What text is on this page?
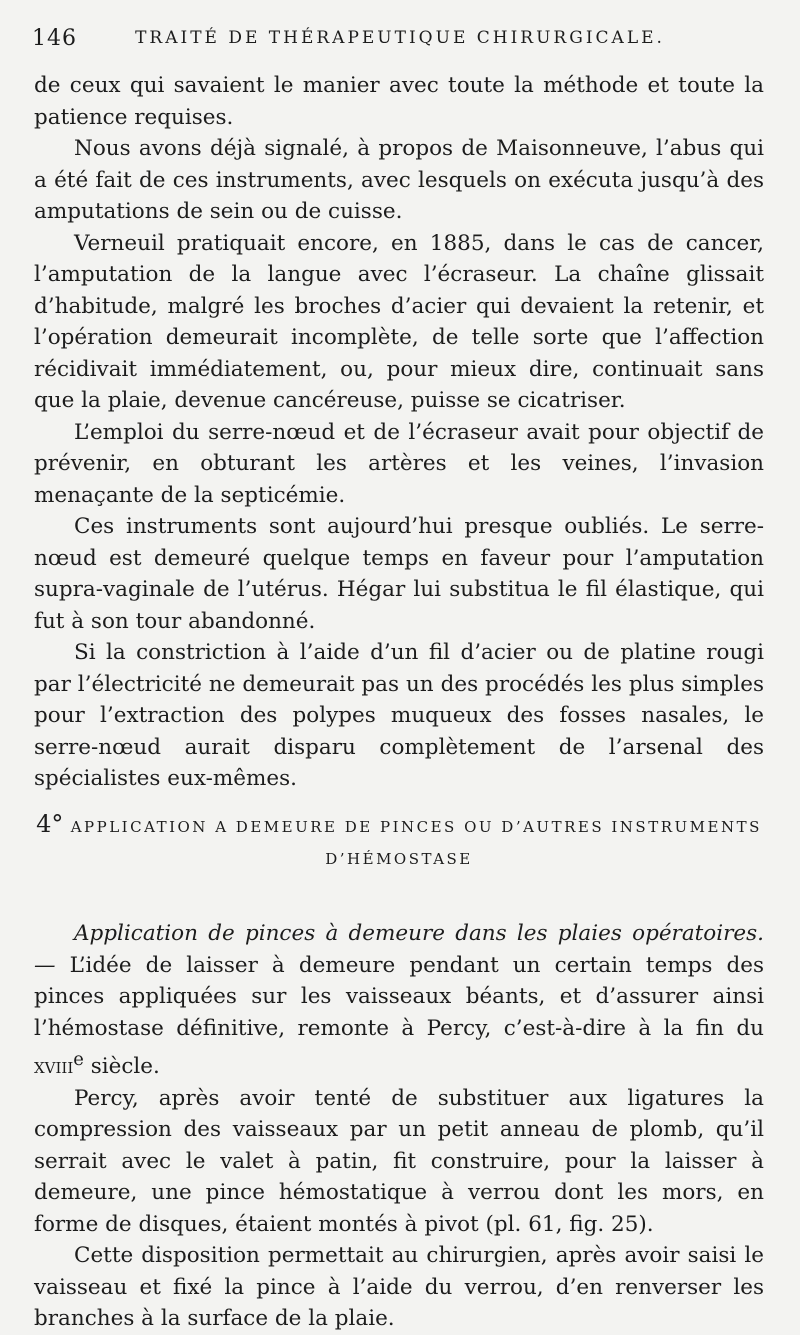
146	TRAITÉ DE THÉRAPEUTIQUE CHIRURGICALE.

de ceux qui savaient le manier avec toute la méthode et toute la patience requises.

Nous avons déjà signalé, à propos de Maisonneuve, l’abus qui a été fait de ces instruments, avec lesquels on exécuta jusqu’à des amputations de sein ou de cuisse.

Verneuil pratiquait encore, en 1885, dans le cas de cancer, l’amputation de la langue avec l’écraseur. La chaîne glissait d’habitude, malgré les broches d’acier qui devaient la retenir, et l’opération demeurait incomplète, de telle sorte que l’affection récidivait immédiatement, ou, pour mieux dire, continuait sans que la plaie, devenue cancéreuse, puisse se cicatriser.

L’emploi du serre-nœud et de l’écraseur avait pour objectif de prévenir, en obturant les artères et les veines, l’invasion menaçante de la septicémie.

Ces instruments sont aujourd’hui presque oubliés. Le serre-nœud est demeuré quelque temps en faveur pour l’amputation supra-vaginale de l’utérus. Hégar lui substitua le fil élastique, qui fut à son tour abandonné.

Si la constriction à l’aide d’un fil d’acier ou de platine rougi par l’électricité ne demeurait pas un des procédés les plus simples pour l’extraction des polypes muqueux des fosses nasales, le serre-nœud aurait disparu complètement de l’arsenal des spécialistes eux-mêmes.

4° APPLICATION A DEMEURE DE PINCES OU D’AUTRES INSTRUMENTS
D’HÉMOSTASE

Application de pinces à demeure dans les plaies opératoires. — L’idée de laisser à demeure pendant un certain temps des pinces appliquées sur les vaisseaux béants, et d’assurer ainsi l’hémostase définitive, remonte à Percy, c’est-à-dire à la fin du xviii$^e$ siècle.

Percy, après avoir tenté de substituer aux ligatures la compression des vaisseaux par un petit anneau de plomb, qu’il serrait avec le valet à patin, fit construire, pour la laisser à demeure, une pince hémostatique à verrou dont les mors, en forme de disques, étaient montés à pivot (pl. 61, fig. 25).

Cette disposition permettait au chirurgien, après avoir saisi le vaisseau et fixé la pince à l’aide du verrou, d’en renverser les branches à la surface de la plaie.
